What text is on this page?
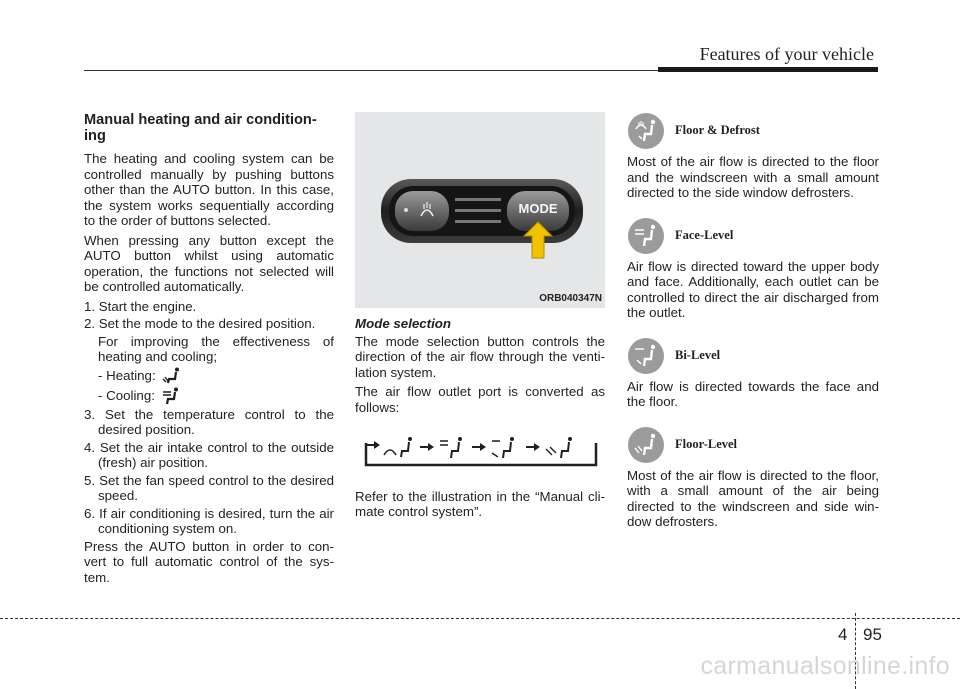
Features of your vehicle
Manual heating and air condition-ing

The heating and cooling system can be controlled manually by pushing buttons other than the AUTO button. In this case, the system works sequentially according to the order of buttons selected.

When pressing any button except the AUTO button whilst using automatic operation, the functions not selected will be controlled automatically.

1. Start the engine.
2. Set the mode to the desired position.
For improving the effectiveness of heating and cooling;
- Heating:
- Cooling:
3. Set the temperature control to the desired position.
4. Set the air intake control to the outside (fresh) air position.
5. Set the fan speed control to the desired speed.
6. If air conditioning is desired, turn the air conditioning system on.

Press the AUTO button in order to con-vert to full automatic control of the sys-tem.

MODE
ORB040347N
Mode selection

The mode selection button controls the direction of the air flow through the venti-lation system.

The air flow outlet port is converted as follows:

Refer to the illustration in the “Manual cli-mate control system”.

Floor & Defrost

Most of the air flow is directed to the floor and the windscreen with a small amount directed to the side window defrosters.

Face-Level

Air flow is directed toward the upper body and face. Additionally, each outlet can be controlled to direct the air discharged from the outlet.

Bi-Level

Air flow is directed towards the face and the floor.

Floor-Level

Most of the air flow is directed to the floor, with a small amount of the air being directed to the windscreen and side win-dow defrosters.

4 95
carmanualsonline.info
